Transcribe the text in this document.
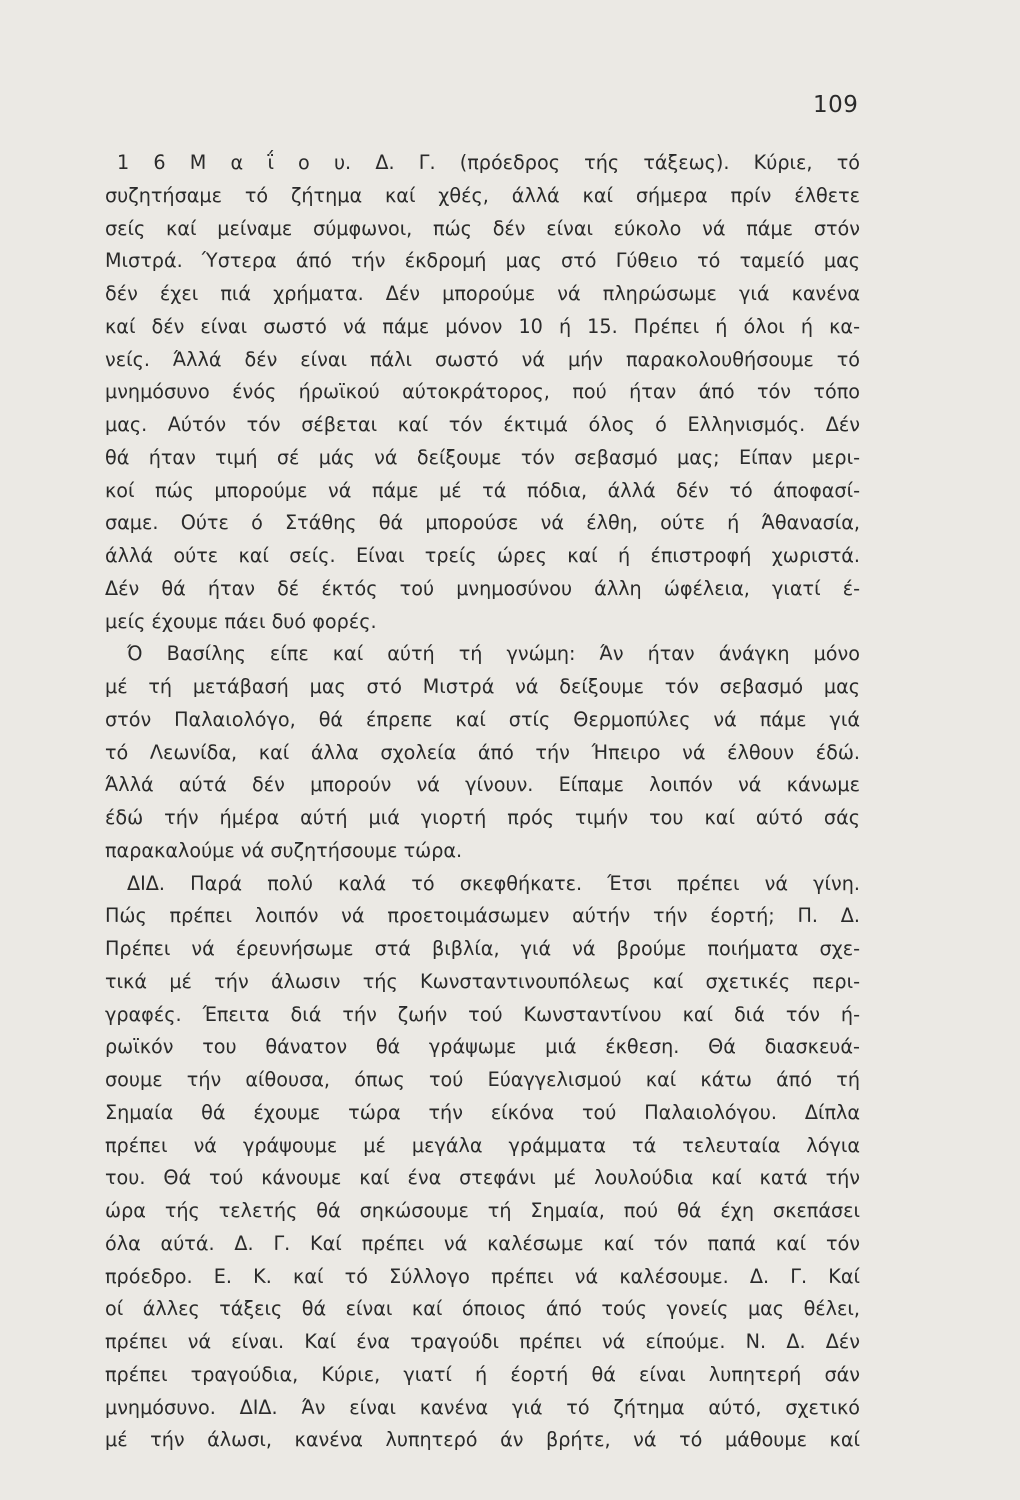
109
1 6 Μ α ΐ ο υ. Δ. Γ. (πρόεδρος τής τάξεως). Κύριε, τό
συζητήσαμε τό ζήτημα καί χθές, άλλά καί σήμερα πρίν έλθετε
σείς καί μείναμε σύμφωνοι, πώς δέν είναι εύκολο νά πάμε στόν
Μιστρά. Ύστερα άπό τήν έκδρομή μας στό Γύθειο τό ταμείό μας
δέν έχει πιά χρήματα. Δέν μπορούμε νά πληρώσωμε γιά κανένα
καί δέν είναι σωστό νά πάμε μόνον 10 ή 15. Πρέπει ή όλοι ή κα-
νείς. Άλλά δέν είναι πάλι σωστό νά μήν παρακολουθήσουμε τό
μνημόσυνο ένός ήρωϊκού αύτοκράτορος, πού ήταν άπό τόν τόπο
μας. Αύτόν τόν σέβεται καί τόν έκτιμά όλος ό Ελληνισμός. Δέν
θά ήταν τιμή σέ μάς νά δείξουμε τόν σεβασμό μας; Είπαν μερι-
κοί πώς μπορούμε νά πάμε μέ τά πόδια, άλλά δέν τό άποφασί-
σαμε. Ούτε ό Στάθης θά μπορούσε νά έλθη, ούτε ή Άθανασία,
άλλά ούτε καί σείς. Είναι τρείς ώρες καί ή έπιστροφή χωριστά.
Δέν θά ήταν δέ έκτός τού μνημοσύνου άλλη ώφέλεια, γιατί έ-
μείς έχουμε πάει δυό φορές.
Ό Βασίλης είπε καί αύτή τή γνώμη: Άν ήταν άνάγκη μόνο
μέ τή μετάβασή μας στό Μιστρά νά δείξουμε τόν σεβασμό μας
στόν Παλαιολόγο, θά έπρεπε καί στίς Θερμοπύλες νά πάμε γιά
τό Λεωνίδα, καί άλλα σχολεία άπό τήν Ήπειρο νά έλθουν έδώ.
Άλλά αύτά δέν μπορούν νά γίνουν. Είπαμε λοιπόν νά κάνωμε
έδώ τήν ήμέρα αύτή μιά γιορτή πρός τιμήν του καί αύτό σάς
παρακαλούμε νά συζητήσουμε τώρα.
ΔΙΔ. Παρά πολύ καλά τό σκεφθήκατε. Έτσι πρέπει νά γίνη.
Πώς πρέπει λοιπόν νά προετοιμάσωμεν αύτήν τήν έορτή; Π. Δ.
Πρέπει νά έρευνήσωμε στά βιβλία, γιά νά βρούμε ποιήματα σχε-
τικά μέ τήν άλωσιν τής Κωνσταντινουπόλεως καί σχετικές περι-
γραφές. Έπειτα διά τήν ζωήν τού Κωνσταντίνου καί διά τόν ή-
ρωϊκόν του θάνατον θά γράψωμε μιά έκθεση. Θά διασκευά-
σουμε τήν αίθουσα, όπως τού Εύαγγελισμού καί κάτω άπό τή
Σημαία θά έχουμε τώρα τήν είκόνα τού Παλαιολόγου. Δίπλα
πρέπει νά γράψουμε μέ μεγάλα γράμματα τά τελευταία λόγια
του. Θά τού κάνουμε καί ένα στεφάνι μέ λουλούδια καί κατά τήν
ώρα τής τελετής θά σηκώσουμε τή Σημαία, πού θά έχη σκεπάσει
όλα αύτά. Δ. Γ. Καί πρέπει νά καλέσωμε καί τόν παπά καί τόν
πρόεδρο. Ε. Κ. καί τό Σύλλογο πρέπει νά καλέσουμε. Δ. Γ. Καί
οί άλλες τάξεις θά είναι καί όποιος άπό τούς γονείς μας θέλει,
πρέπει νά είναι. Καί ένα τραγούδι πρέπει νά είπούμε. Ν. Δ. Δέν
πρέπει τραγούδια, Κύριε, γιατί ή έορτή θά είναι λυπητερή σάν
μνημόσυνο. ΔΙΔ. Άν είναι κανένα γιά τό ζήτημα αύτό, σχετικό
μέ τήν άλωσι, κανένα λυπητερό άν βρήτε, νά τό μάθουμε καί
